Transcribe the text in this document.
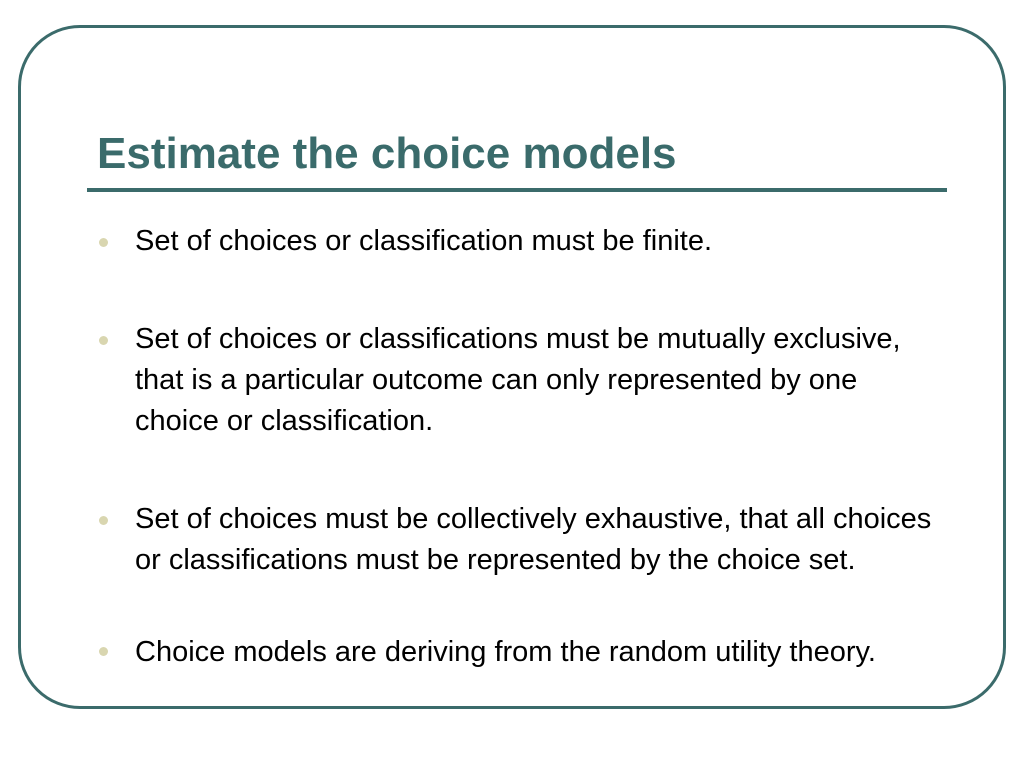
Estimate the choice models
Set of choices or classification must be finite.
Set of choices or classifications must be mutually exclusive, that is a particular outcome can only represented by one choice or classification.
Set of choices must be collectively exhaustive, that all choices or classifications must be represented by the choice set.
Choice models are deriving from the random utility theory.
